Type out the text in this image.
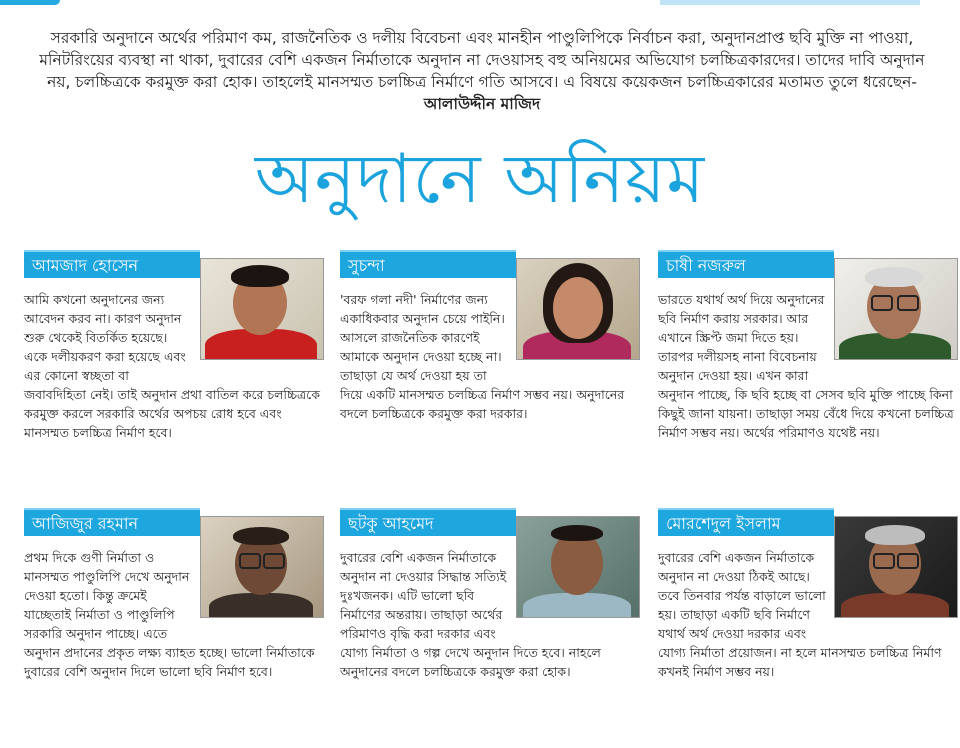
সরকারি অনুদানে অর্থের পরিমাণ কম, রাজনৈতিক ও দলীয় বিবেচনা এবং মানহীন পাণ্ডুলিপিকে নির্বাচন করা, অনুদানপ্রাপ্ত ছবি মুক্তি না পাওয়া, মনিটরিংয়ের ব্যবস্থা না থাকা, দুবারের বেশি একজন নির্মাতাকে অনুদান না দেওয়াসহ বহু অনিয়মের অভিযোগ চলচ্চিত্রকারদের। তাদের দাবি অনুদান নয়, চলচ্চিত্রকে করমুক্ত করা হোক। তাহলেই মানসম্মত চলচ্চিত্র নির্মাণে গতি আসবে। এ বিষয়ে কয়েকজন চলচ্চিত্রকারের মতামত তুলে ধরেছেন- আলাউদ্দীন মাজিদ
অনুদানে অনিয়ম
আমজাদ হোসেন
আমি কখনো অনুদানের জন্য আবেদন করব না। কারণ অনুদান শুরু থেকেই বিতর্কিত হয়েছে। একে দলীয়করণ করা হয়েছে এবং এর কোনো স্বচ্ছতা বা জবাবদিহিতা নেই। তাই অনুদান প্রথা বাতিল করে চলচ্চিত্রকে করমুক্ত করলে সরকারি অর্থের অপচয় রোধ হবে এবং মানসম্মত চলচ্চিত্র নির্মাণ হবে।
সুচন্দা
'বরফ গলা নদী' নির্মাণের জন্য একাধিকবার অনুদান চেয়ে পাইনি। আসলে রাজনৈতিক কারণেই আমাকে অনুদান দেওয়া হচ্ছে না। তাছাড়া যে অর্থ দেওয়া হয় তা দিয়ে একটি মানসম্মত চলচ্চিত্র নির্মাণ সম্ভব নয়। অনুদানের বদলে চলচ্চিত্রকে করমুক্ত করা দরকার।
চাষী নজরুল
ভারতে যথার্থ অর্থ দিয়ে অনুদানের ছবি নির্মাণ করায় সরকার। আর এখানে স্ক্রিপ্ট জমা দিতে হয়। তারপর দলীয়সহ নানা বিবেচনায় অনুদান দেওয়া হয়। এখন কারা অনুদান পাচ্ছে, কি ছবি হচ্ছে বা সেসব ছবি মুক্তি পাচ্ছে কিনা কিছুই জানা যায়না। তাছাড়া সময় বেঁধে দিয়ে কখনো চলচ্চিত্র নির্মাণ সম্ভব নয়। অর্থের পরিমাণও যথেষ্ট নয়।
আজিজুর রহমান
প্রথম দিকে গুণী নির্মাতা ও মানসম্মত পাণ্ডুলিপি দেখে অনুদান দেওয়া হতো। কিন্তু ক্রমেই যাচ্ছেতাই নির্মাতা ও পাণ্ডুলিপি সরকারি অনুদান পাচ্ছে। এতে অনুদান প্রদানের প্রকৃত লক্ষ্য ব্যাহত হচ্ছে। ভালো নির্মাতাকে দুবারের বেশি অনুদান দিলে ভালো ছবি নির্মাণ হবে।
ছটকু আহমেদ
দুবারের বেশি একজন নির্মাতাকে অনুদান না দেওয়ার সিদ্ধান্ত সত্যিই দুঃখজনক। এটি ভালো ছবি নির্মাণের অন্তরায়। তাছাড়া অর্থের পরিমাণও বৃদ্ধি করা দরকার এবং যোগ্য নির্মাতা ও গল্প দেখে অনুদান দিতে হবে। নাহলে অনুদানের বদলে চলচ্চিত্রকে করমুক্ত করা হোক।
মোরশেদুল ইসলাম
দুবারের বেশি একজন নির্মাতাকে অনুদান না দেওয়া ঠিকই আছে। তবে তিনবার পর্যন্ত বাড়ালে ভালো হয়। তাছাড়া একটি ছবি নির্মাণে যথার্থ অর্থ দেওয়া দরকার এবং যোগ্য নির্মাতা প্রয়োজন। না হলে মানসম্মত চলচ্চিত্র নির্মাণ কখনই নির্মাণ সম্ভব নয়।
